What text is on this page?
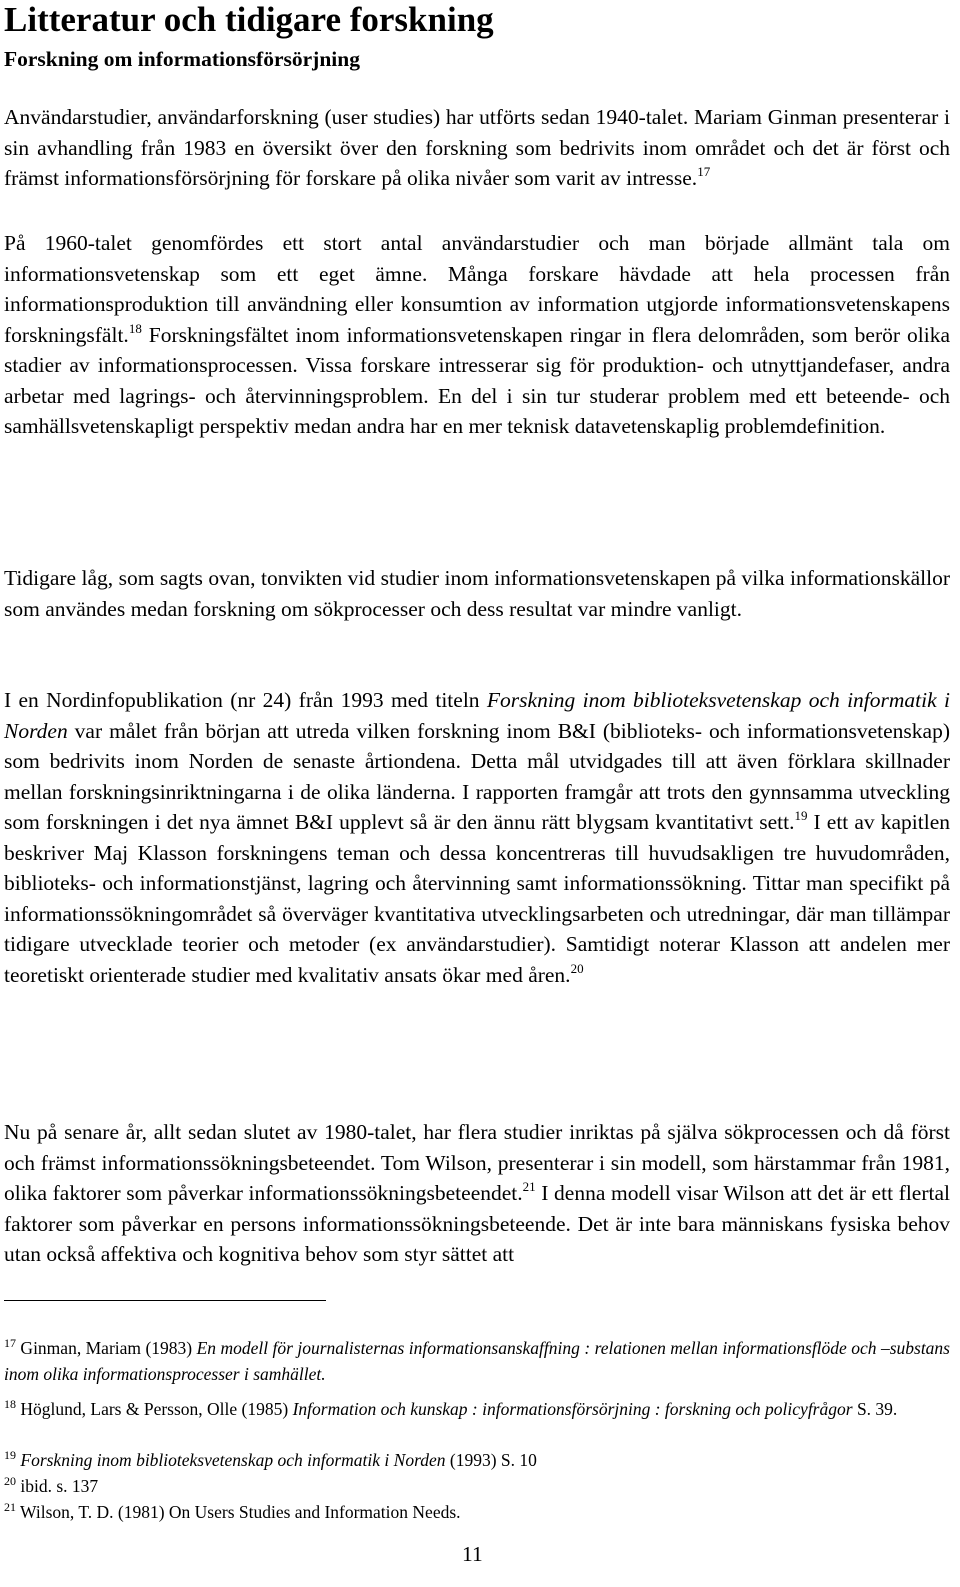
Litteratur och tidigare forskning
Forskning om informationsförsörjning

Användarstudier, användarforskning (user studies) har utförts sedan 1940-talet. Mariam Ginman presenterar i sin avhandling från 1983 en översikt över den forskning som bedrivits inom området och det är först och främst informationsförsörjning för forskare på olika nivåer som varit av intresse.$^{17}$

På 1960-talet genomfördes ett stort antal användarstudier och man började allmänt tala om informationsvetenskap som ett eget ämne. Många forskare hävdade att hela processen från informationsproduktion till användning eller konsumtion av information utgjorde informationsvetenskapens forskningsfält.$^{18}$ Forskningsfältet inom informationsvetenskapen ringar in flera delområden, som berör olika stadier av informationsprocessen. Vissa forskare intresserar sig för produktion- och utnyttjandefaser, andra arbetar med lagrings- och återvinningsproblem. En del i sin tur studerar problem med ett beteende- och samhällsvetenskapligt perspektiv medan andra har en mer teknisk datavetenskaplig problemdefinition.

Tidigare låg, som sagts ovan, tonvikten vid studier inom informationsvetenskapen på vilka informationskällor som användes medan forskning om sökprocesser och dess resultat var mindre vanligt.

I en Nordinfopublikation (nr 24) från 1993 med titeln Forskning inom biblioteksvetenskap och informatik i Norden var målet från början att utreda vilken forskning inom B&I (biblioteks- och informationsvetenskap) som bedrivits inom Norden de senaste årtiondena. Detta mål utvidgades till att även förklara skillnader mellan forskningsinriktningarna i de olika länderna. I rapporten framgår att trots den gynnsamma utveckling som forskningen i det nya ämnet B&I upplevt så är den ännu rätt blygsam kvantitativt sett.$^{19}$ I ett av kapitlen beskriver Maj Klasson forskningens teman och dessa koncentreras till huvudsakligen tre huvudområden, biblioteks- och informationstjänst, lagring och återvinning samt informationssökning. Tittar man specifikt på informationssökningområdet så överväger kvantitativa utvecklingsarbeten och utredningar, där man tillämpar tidigare utvecklade teorier och metoder (ex användarstudier). Samtidigt noterar Klasson att andelen mer teoretiskt orienterade studier med kvalitativ ansats ökar med åren.$^{20}$

Nu på senare år, allt sedan slutet av 1980-talet, har flera studier inriktas på själva sökprocessen och då först och främst informationssökningsbeteendet. Tom Wilson, presenterar i sin modell, som härstammar från 1981, olika faktorer som påverkar informationssökningsbeteendet.$^{21}$ I denna modell visar Wilson att det är ett flertal faktorer som påverkar en persons informationssökningsbeteende. Det är inte bara människans fysiska behov utan också affektiva och kognitiva behov som styr sättet att

$^{17}$ Ginman, Mariam (1983) En modell för journalisternas informationsanskaffning : relationen mellan informationsflöde och –substans inom olika informationsprocesser i samhället.

$^{18}$ Höglund, Lars & Persson, Olle (1985) Information och kunskap : informationsförsörjning : forskning och policyfrågor S. 39.

$^{19}$ Forskning inom biblioteksvetenskap och informatik i Norden (1993) S. 10

$^{20}$ ibid. s. 137

$^{21}$ Wilson, T. D. (1981) On Users Studies and Information Needs.

11
